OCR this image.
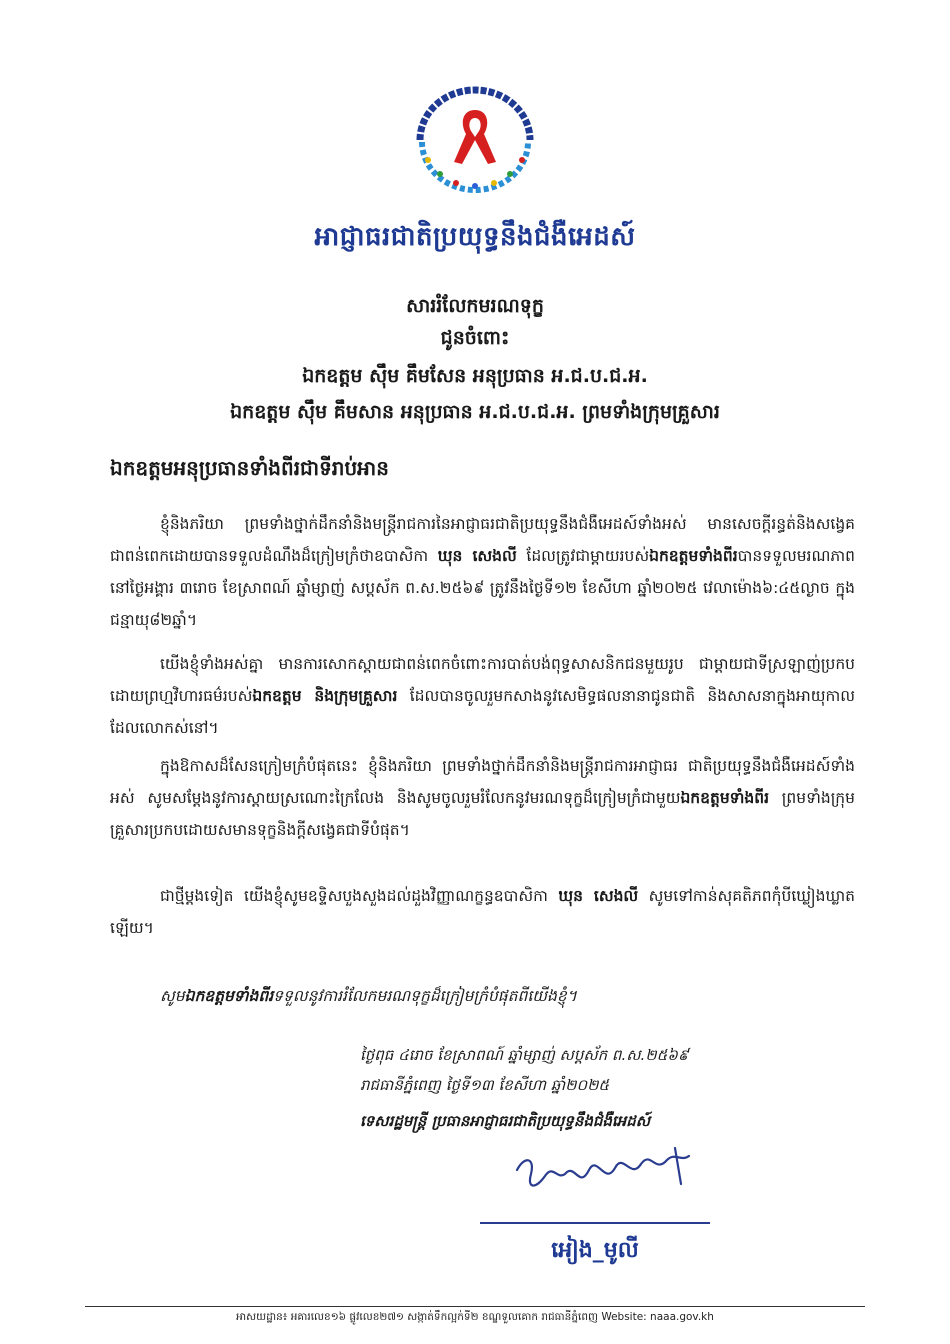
អាជ្ញាធរជាតិប្រយុទ្ធនឹងជំងឺអេដស៍
សាររំលែកមរណទុក្ខ
ជូនចំពោះ
ឯកឧត្តម ស៊ឹម គឹមសែន អនុប្រធាន អ.ជ.ប.ជ.អ.
ឯកឧត្តម ស៊ឹម គឹមសាន អនុប្រធាន អ.ជ.ប.ជ.អ. ព្រមទាំងក្រុមគ្រួសារ
ឯកឧត្តមអនុប្រធានទាំងពីរជាទីរាប់អាន
ខ្ញុំនិងភរិយា ព្រមទាំងថ្នាក់ដឹកនាំនិងមន្ត្រីរាជការនៃអាជ្ញាធរជាតិប្រយុទ្ធនឹងជំងឺអេដស៍ទាំងអស់ មានសេចក្តីរន្ធត់និងសង្វេគជាពន់ពេកដោយបានទទួលដំណឹងដ៏ក្រៀមក្រំថា​ឧបាសិកា ឃុន សេងលី ដែលត្រូវជាម្តាយរបស់ឯកឧត្តមទាំងពីរបានទទួលមរណភាពនៅថ្ងៃអង្គារ ៣រោច ខែស្រាពណ៍ ឆ្នាំម្សាញ់ សប្តស័ក ព.ស.២៥៦៩ ត្រូវនឹងថ្ងៃទី១២ ខែសីហា ឆ្នាំ២០២៥ វេលាម៉ោង៦:៤៥ល្ងាច ក្នុងជន្មាយុ៨២ឆ្នាំ។
យើងខ្ញុំទាំងអស់គ្នា មានការសោកស្តាយជាពន់ពេកចំពោះការបាត់បង់ពុទ្ធសាសនិកជនមួយរូប ជាម្តាយជាទីស្រឡាញ់ប្រកបដោយព្រហ្មវិហារធម៌របស់ឯកឧត្តម និងក្រុមគ្រួសារ ដែលបានចូលរួមកសាងនូវសេមិទ្ធផលនានាជូនជាតិ និងសាសនាក្នុងអាយុកាលដែលលោកស់នៅ។
ក្នុងឱកាសដ៏សែនក្រៀមក្រំបំផុតនេះ ខ្ញុំនិងភរិយា ព្រមទាំងថ្នាក់ដឹកនាំនិងមន្ត្រីរាជការអាជ្ញាធរ ជាតិប្រយុទ្ធនឹងជំងឺអេដស៍ទាំងអស់ សូមសម្តែងនូវការស្តាយស្រណោះក្រៃលែង និងសូមចូលរួមរំលែកនូវមរណទុក្ខដ៏ក្រៀមក្រំជាមួយឯកឧត្តមទាំងពីរ ព្រមទាំងក្រុមគ្រួសារប្រកបដោយសមានទុក្ខនិងក្តីសង្វេគជាទីបំផុត។
ជាថ្មីម្តងទៀត យើងខ្ញុំសូមឧទ្ទិសបួងសួងដល់ដួងវិញ្ញាណក្ខន្ធឧបាសិកា ឃុន សេងលី សូមទៅកាន់សុគតិភពកុំបីឃ្លៀងឃ្លាតឡើយ។
សូមឯកឧត្តមទាំងពីរទទួលនូវការរំលែកមរណទុក្ខដ៏ក្រៀមក្រំបំផុតពីយើងខ្ញុំ។
ថ្ងៃពុធ ៤រោច ខែស្រាពណ៍ ឆ្នាំម្សាញ់ សប្តស័ក ព.ស.២៥៦៩
រាជធានីភ្នំពេញ ថ្ងៃទី១៣ ខែសីហា ឆ្នាំ២០២៥
ទេសរដ្ឋមន្ត្រី ប្រធានអាជ្ញាធរជាតិប្រយុទ្ធនឹងជំងឺអេដស៍
អៀង_មូលី
អាសយដ្ឋាន៖ អគារលេខ១៦ ផ្លូវលេខ២៧១ សង្កាត់ទឹកល្អក់ទី២ ខណ្ឌទួលគោក រាជធានីភ្នំពេញ Website: naaa.gov.kh
